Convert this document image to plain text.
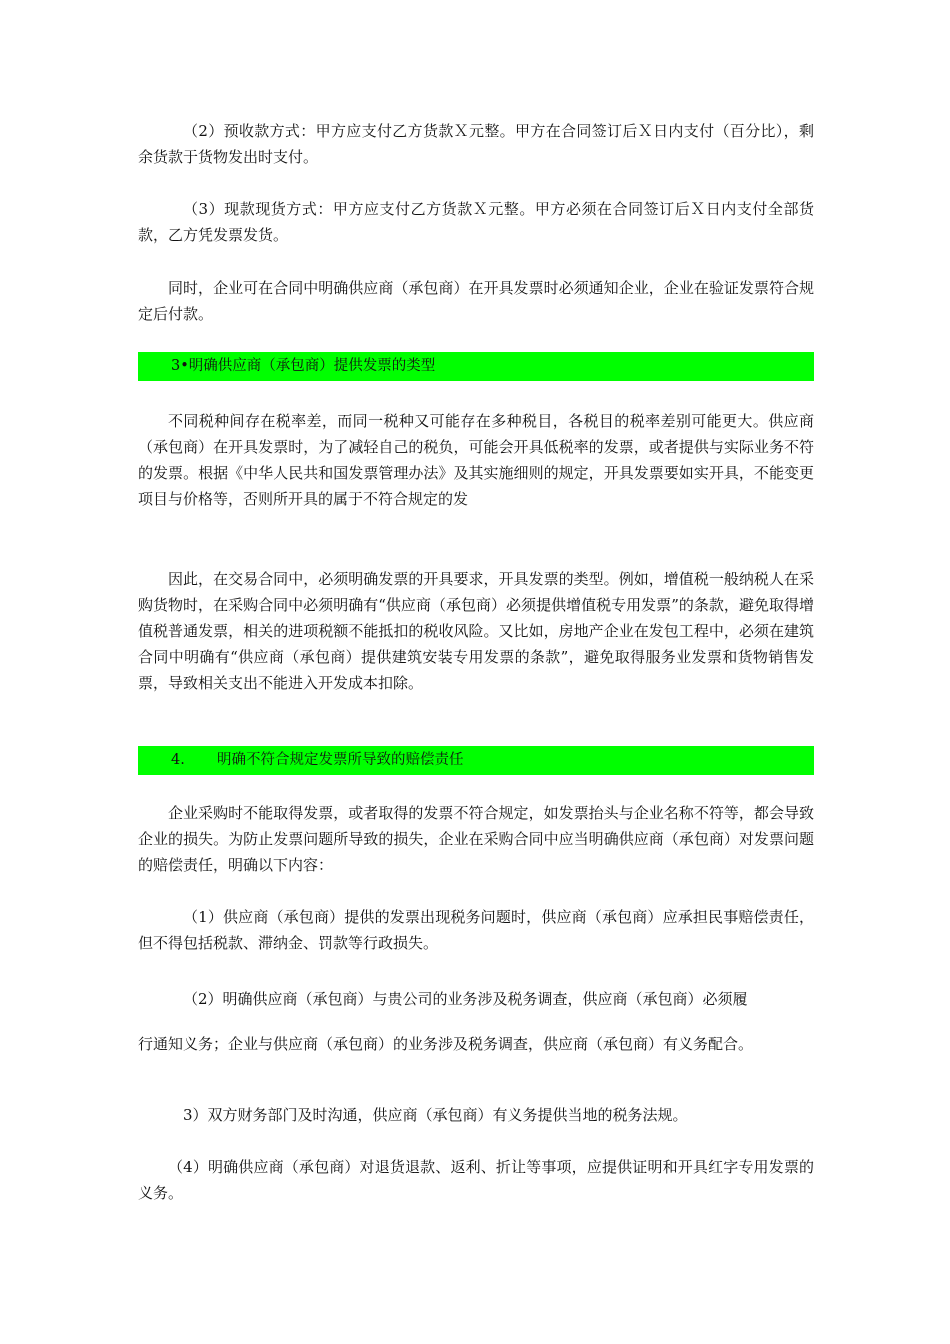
（2）预收款方式：甲方应支付乙方货款Ｘ元整。甲方在合同签订后Ｘ日内支付（百分比），剩余货款于货物发出时支付。

（3）现款现货方式：甲方应支付乙方货款Ｘ元整。甲方必须在合同签订后Ｘ日内支付全部货款，乙方凭发票发货。

同时，企业可在合同中明确供应商（承包商）在开具发票时必须通知企业，企业在验证发票符合规定后付款。

3•明确供应商（承包商）提供发票的类型

不同税种间存在税率差，而同一税种又可能存在多种税目，各税目的税率差别可能更大。供应商（承包商）在开具发票时，为了减轻自己的税负，可能会开具低税率的发票，或者提供与实际业务不符的发票。根据《中华人民共和国发票管理办法》及其实施细则的规定，开具发票要如实开具，不能变更项目与价格等，否则所开具的属于不符合规定的发

因此，在交易合同中，必须明确发票的开具要求，开具发票的类型。例如，增值税一般纳税人在采购货物时，在采购合同中必须明确有“供应商（承包商）必须提供增值税专用发票”的条款，避免取得增值税普通发票，相关的进项税额不能抵扣的税收风险。又比如，房地产企业在发包工程中，必须在建筑合同中明确有“供应商（承包商）提供建筑安装专用发票的条款”，避免取得服务业发票和货物销售发票，导致相关支出不能进入开发成本扣除。

4. 明确不符合规定发票所导致的赔偿责任

企业采购时不能取得发票，或者取得的发票不符合规定，如发票抬头与企业名称不符等，都会导致企业的损失。为防止发票问题所导致的损失，企业在采购合同中应当明确供应商（承包商）对发票问题的赔偿责任，明确以下内容：

（1）供应商（承包商）提供的发票出现税务问题时，供应商（承包商）应承担民事赔偿责任，但不得包括税款、滞纳金、罚款等行政损失。

（2）明确供应商（承包商）与贵公司的业务涉及税务调查，供应商（承包商）必须履

行通知义务；企业与供应商（承包商）的业务涉及税务调查，供应商（承包商）有义务配合。

3）双方财务部门及时沟通，供应商（承包商）有义务提供当地的税务法规。

（4）明确供应商（承包商）对退货退款、返利、折让等事项，应提供证明和开具红字专用发票的义务。
